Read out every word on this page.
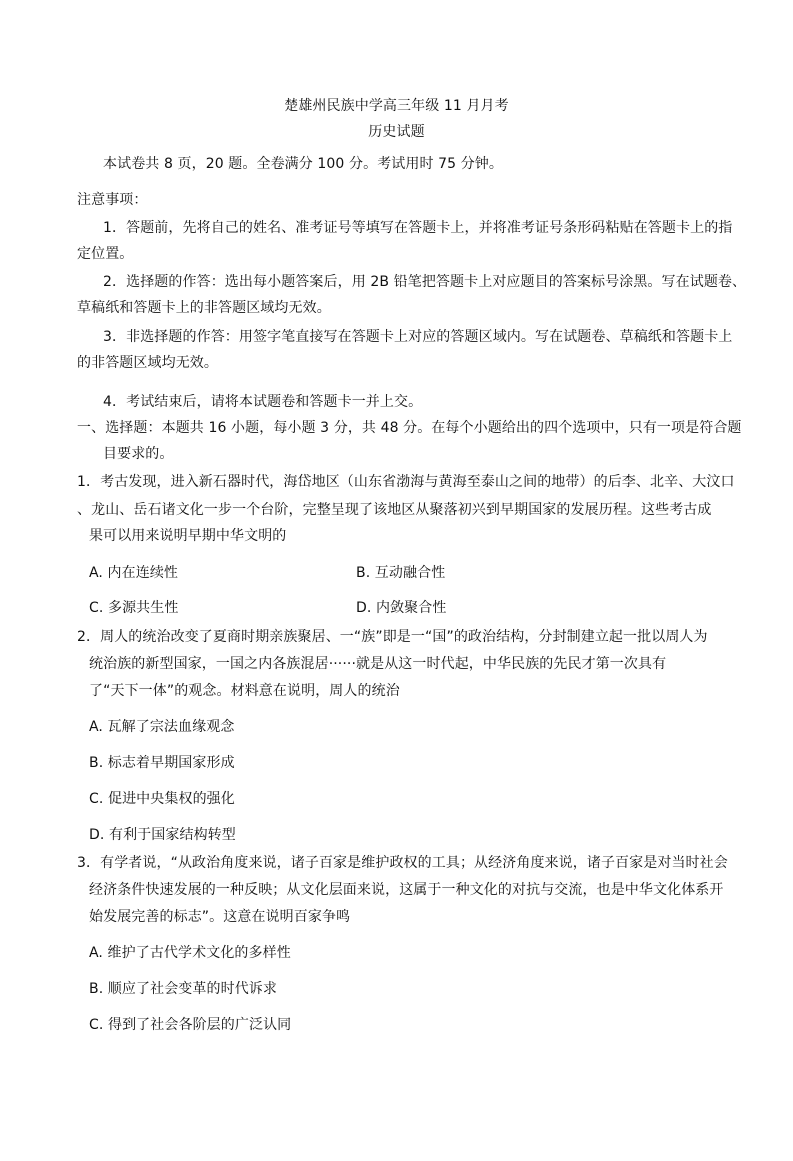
楚雄州民族中学高三年级 11 月月考
历史试题
本试卷共 8 页，20 题。全卷满分 100 分。考试用时 75 分钟。
注意事项：
1．答题前，先将自己的姓名、准考证号等填写在答题卡上，并将准考证号条形码粘贴在答题卡上的指
定位置。
2．选择题的作答：选出每小题答案后，用 2B 铅笔把答题卡上对应题目的答案标号涂黑。写在试题卷、
草稿纸和答题卡上的非答题区域均无效。
3．非选择题的作答：用签字笔直接写在答题卡上对应的答题区域内。写在试题卷、草稿纸和答题卡上
的非答题区域均无效。
4．考试结束后，请将本试题卷和答题卡一并上交。
一、选择题：本题共 16 小题，每小题 3 分，共 48 分。在每个小题给出的四个选项中，只有一项是符合题
目要求的。
1．考古发现，进入新石器时代，海岱地区（山东省渤海与黄海至泰山之间的地带）的后李、北辛、大汶口
、龙山、岳石诸文化一步一个台阶，完整呈现了该地区从聚落初兴到早期国家的发展历程。这些考古成
果可以用来说明早期中华文明的
A. 内在连续性	B. 互动融合性
C. 多源共生性	D. 内敛聚合性
2．周人的统治改变了夏商时期亲族聚居、一“族”即是一“国”的政治结构，分封制建立起一批以周人为
统治族的新型国家，一国之内各族混居······就是从这一时代起，中华民族的先民才第一次具有
了“天下一体”的观念。材料意在说明，周人的统治
A. 瓦解了宗法血缘观念
B. 标志着早期国家形成
C. 促进中央集权的强化
D. 有利于国家结构转型
3．有学者说，“从政治角度来说，诸子百家是维护政权的工具；从经济角度来说，诸子百家是对当时社会
经济条件快速发展的一种反映；从文化层面来说，这属于一种文化的对抗与交流，也是中华文化体系开
始发展完善的标志”。这意在说明百家争鸣
A. 维护了古代学术文化的多样性
B. 顺应了社会变革的时代诉求
C. 得到了社会各阶层的广泛认同
